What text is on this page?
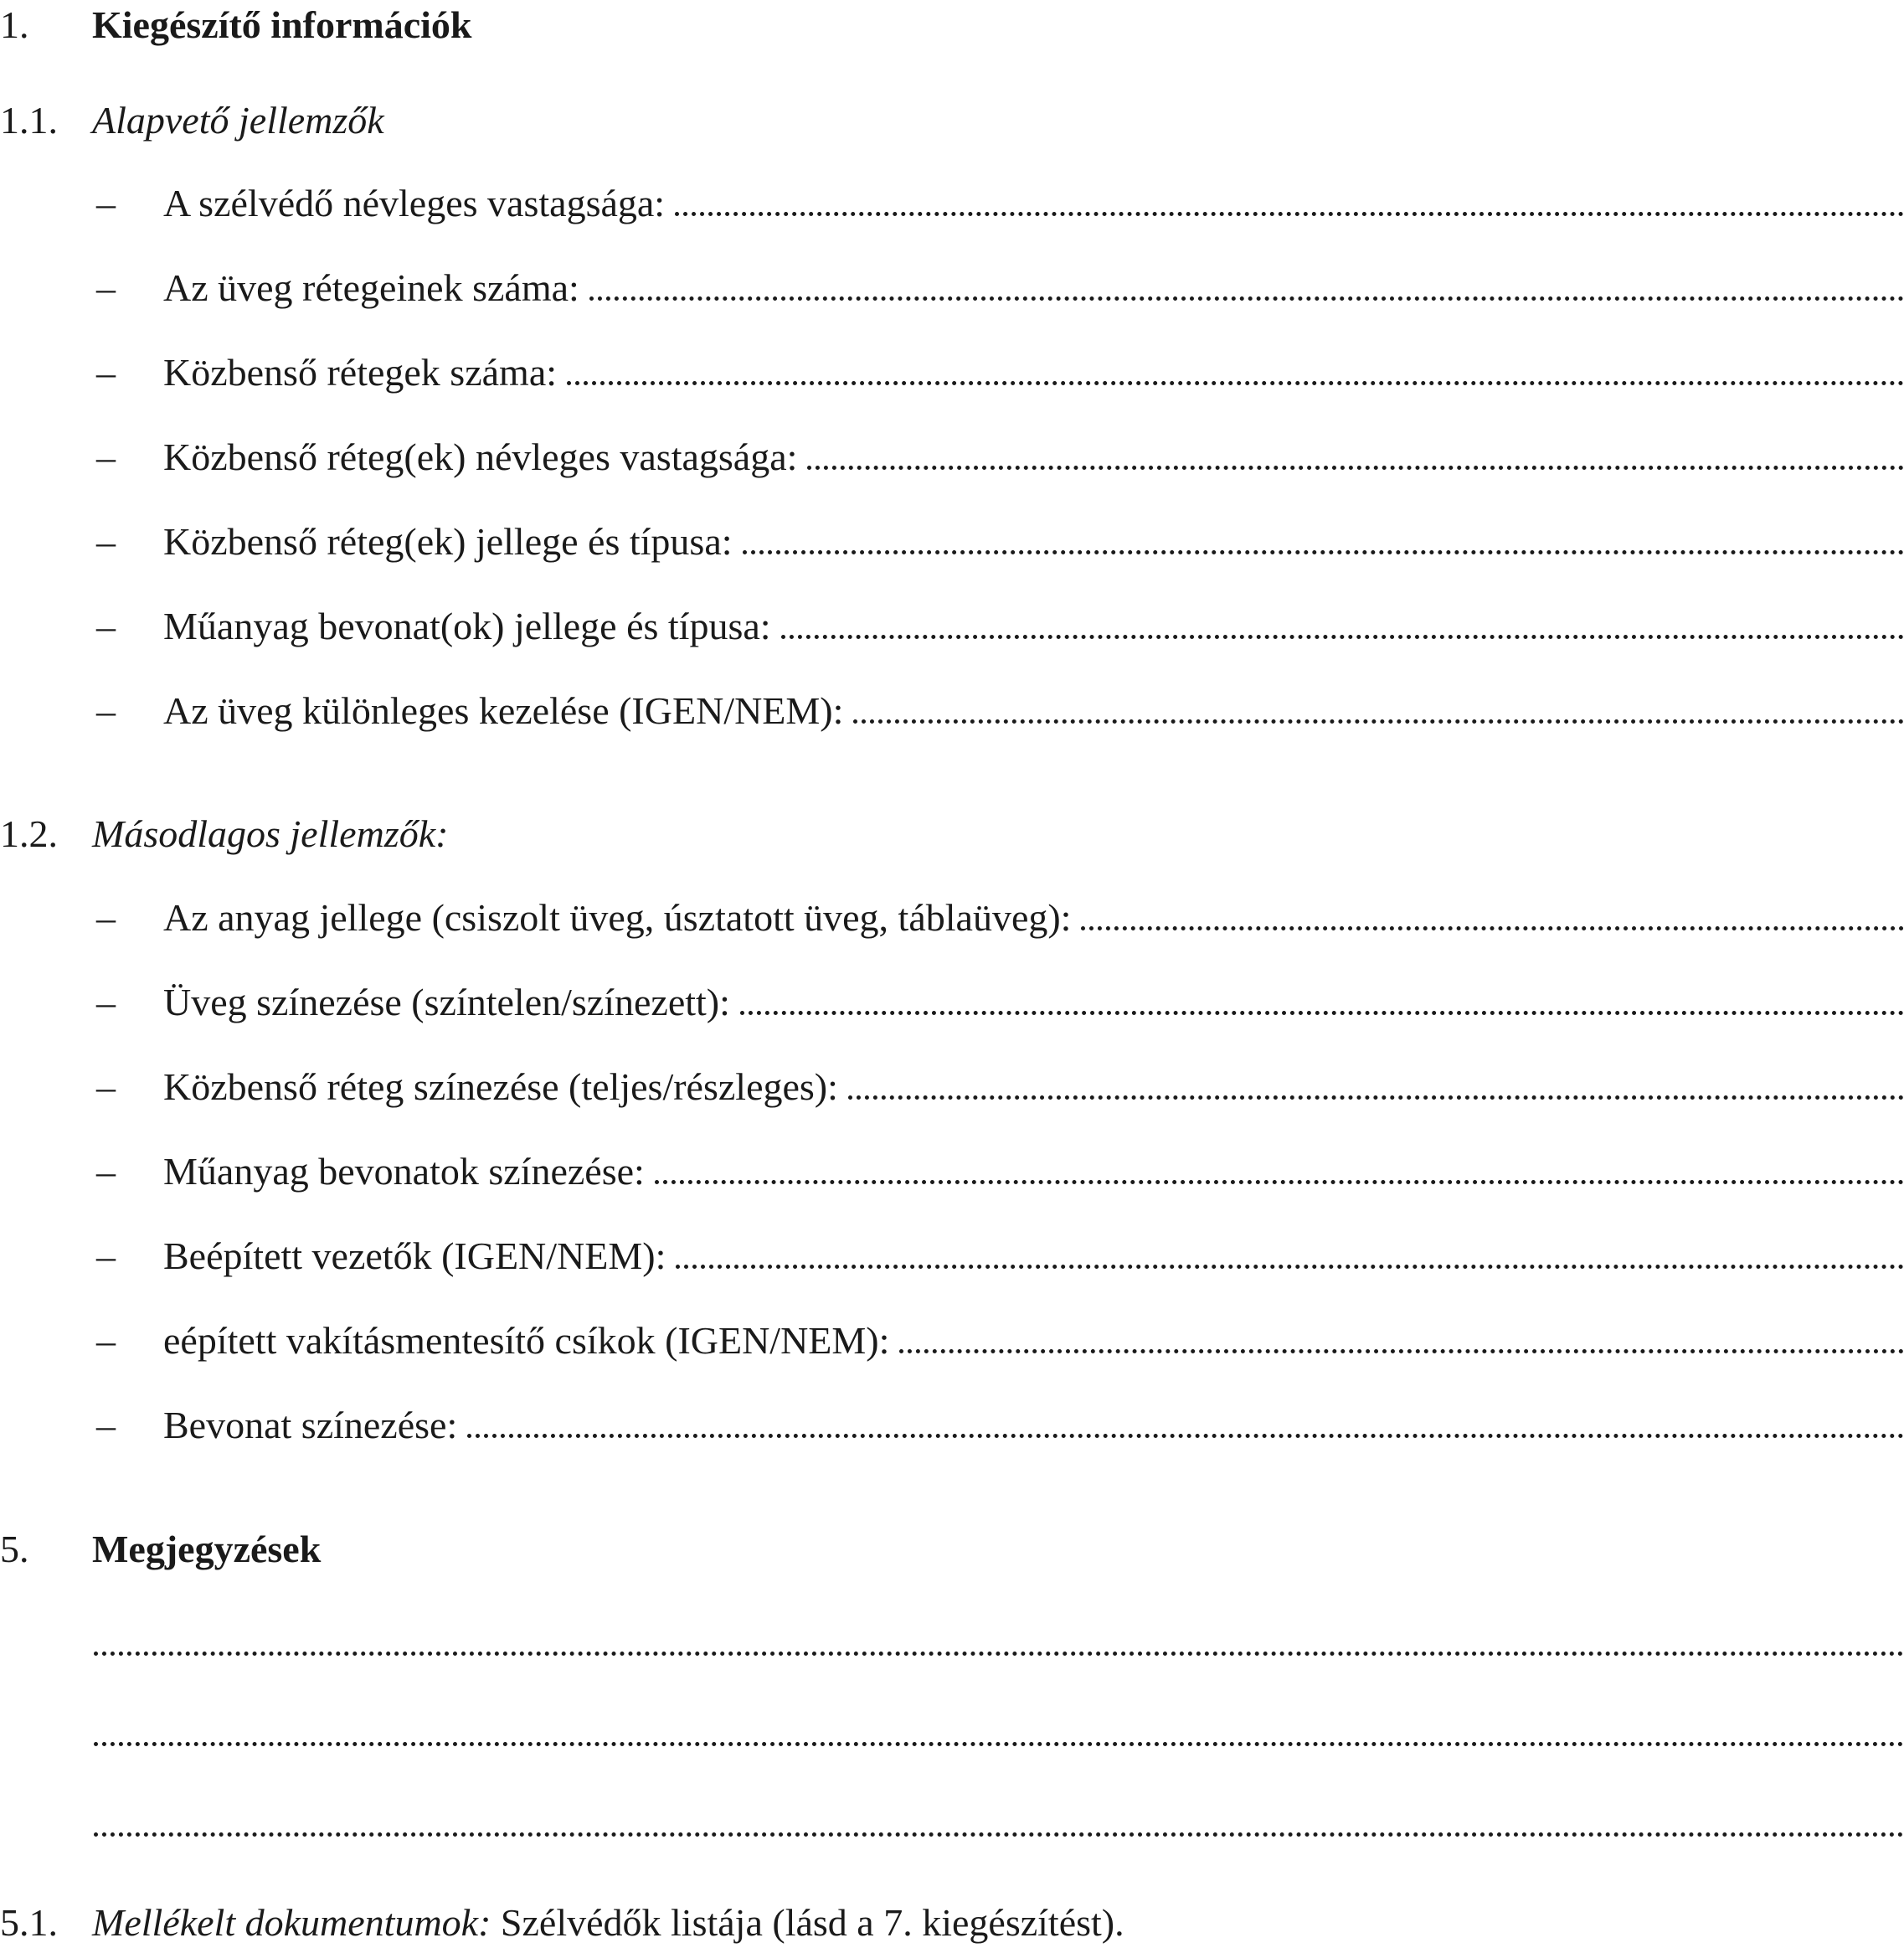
1. Kiegészítő információk
1.1. Alapvető jellemzők
– A szélvédő névleges vastagsága:
– Az üveg rétegeinek száma:
– Közbenső rétegek száma:
– Közbenső réteg(ek) névleges vastagsága:
– Közbenső réteg(ek) jellege és típusa:
– Műanyag bevonat(ok) jellege és típusa:
– Az üveg különleges kezelése (IGEN/NEM):
1.2. Másodlagos jellemzők:
– Az anyag jellege (csiszolt üveg, úsztatott üveg, táblaüveg):
– Üveg színezése (színtelen/színezett):
– Közbenső réteg színezése (teljes/részleges):
– Műanyag bevonatok színezése:
– Beépített vezetők (IGEN/NEM):
– eépített vakításmentesítő csíkok (IGEN/NEM):
– Bevonat színezése:
5. Megjegyzések
5.1. Mellékelt dokumentumok: Szélvédők listája (lásd a 7. kiegészítést).
